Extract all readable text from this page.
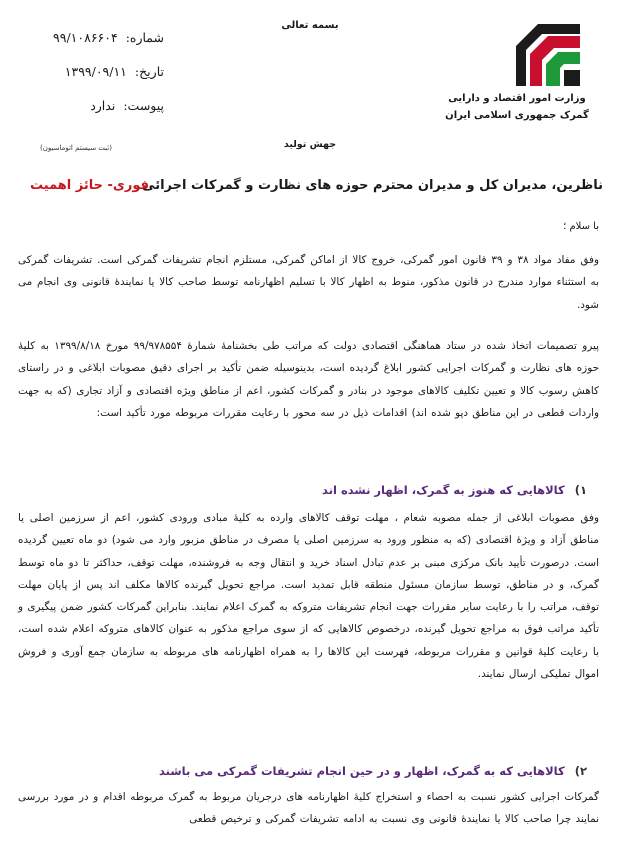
شماره:۹۹/۱۰۸۶۶۰۴
تاریخ:۱۳۹۹/۰۹/۱۱
پیوست:ندارد
(ثبت سیستم اتوماسیون)
بسمه تعالی
وزارت امور اقتصاد و دارایی
گمرک جمهوری اسلامی ایران
جهش تولید
ناظرین، مدیران کل و مدیران محترم حوزه های نظارت و گمرکات اجرائی
فوری- حائز اهمیت
با سلام ؛
وفق مفاد مواد ۳۸ و ۳۹ قانون امور گمرکی، خروج کالا از اماکن گمرکی، مستلزم انجام تشریفات گمرکی است. تشریفات گمرکی به استثناء موارد مندرج در قانون مذکور، منوط به اظهار کالا با تسلیم اظهارنامه توسط صاحب کالا یا نمایندهٔ قانونی وی انجام می شود.
پیرو تصمیمات اتخاذ شده در ستاد هماهنگی اقتصادی دولت که مراتب طی بخشنامهٔ شمارهٔ ۹۹/۹۷۸۵۵۴ مورخ ۱۳۹۹/۸/۱۸ به کلیهٔ حوزه های نظارت و گمرکات اجرایی کشور ابلاغ گردیده است، بدینوسیله ضمن تأکید بر اجرای دقیق مصوبات ابلاغی و در راستای کاهش رسوب کالا و تعیین تکلیف کالاهای موجود در بنادر و گمرکات کشور، اعم از مناطق ویژه اقتصادی و آزاد تجاری (که به جهت واردات قطعی در این مناطق دپو شده اند) اقدامات ذیل در سه محور با رعایت مقررات مربوطه مورد تأکید است:
۱)کالاهایی که هنوز به گمرک، اظهار نشده اند
وفق مصوبات ابلاغی از جمله مصوبه شعام ، مهلت توقف کالاهای وارده به کلیهٔ مبادی ورودی کشور، اعم از سرزمین اصلی یا مناطق آزاد و ویژهٔ اقتصادی (که به منظور ورود به سرزمین اصلی یا مصرف در مناطق مزبور وارد می شود) دو ماه تعیین گردیده است. درصورت تأیید بانک مرکزی مبنی بر عدم تبادل اسناد خرید و انتقال وجه به فروشنده، مهلت توقف، حداکثر تا دو ماه توسط گمرک، و در مناطق، توسط سازمان مسئول منطقه قابل تمدید است. مراجع تحویل گیرنده کالاها مکلف اند پس از پایان مهلت توقف، مراتب را با رعایت سایر مقررات جهت انجام تشریفات متروکه به گمرک اعلام نمایند. بنابراین گمرکات کشور ضمن پیگیری و تأکید مراتب فوق به مراجع تحویل گیرنده، درخصوص کالاهایی که از سوی مراجع مذکور به عنوان کالاهای متروکه اعلام شده است، با رعایت کلیهٔ قوانین و مقررات مربوطه، فهرست این کالاها را به همراه اظهارنامه های مربوطه به سازمان جمع آوری و فروش اموال تملیکی ارسال نمایند.
۲)کالاهایی که به گمرک، اظهار و در حین انجام تشریفات گمرکی می باشند
گمرکات اجرایی کشور نسبت به احصاء و استخراج کلیهٔ اظهارنامه های درجریان مربوط به گمرک مربوطه اقدام و در مورد بررسی نمایند چرا صاحب کالا یا نمایندهٔ قانونی وی نسبت به ادامه تشریفات گمرکی و ترخیص قطعی
